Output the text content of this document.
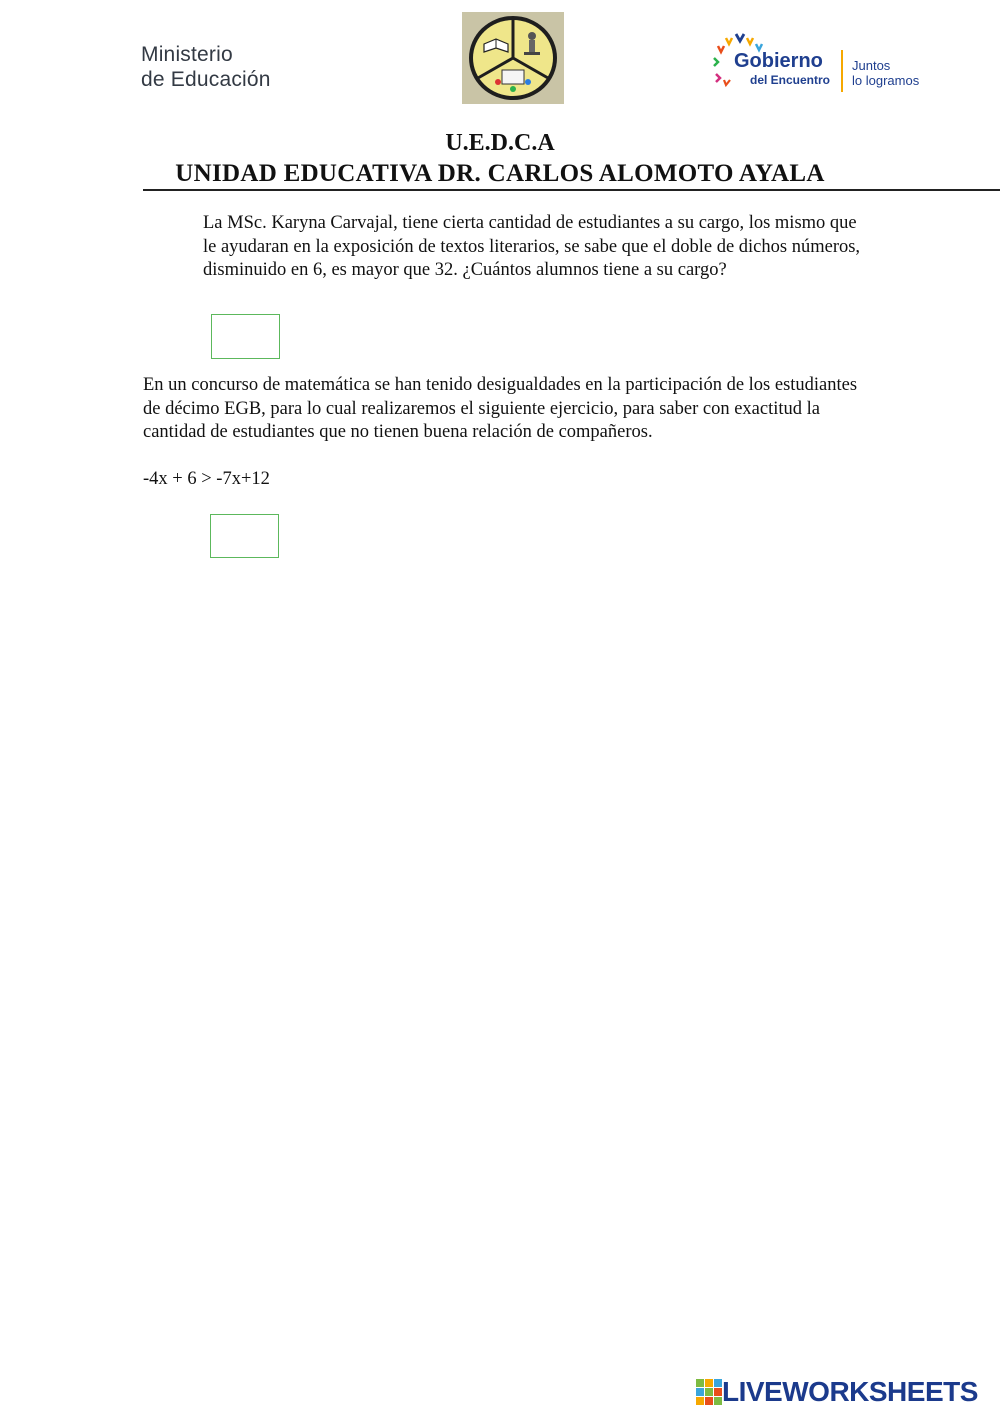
Ministerio
de Educación
Gobierno
del Encuentro
Juntos
lo logramos
U.E.D.C.A
UNIDAD EDUCATIVA DR. CARLOS ALOMOTO AYALA
La MSc. Karyna Carvajal, tiene cierta cantidad de estudiantes a su cargo, los mismo que le ayudaran en la exposición de textos literarios, se sabe que el doble de dichos números, disminuido en 6, es mayor que 32. ¿Cuántos alumnos tiene a su cargo?
En un concurso de matemática se han tenido desigualdades en la participación de los estudiantes de décimo EGB, para lo cual realizaremos el siguiente ejercicio, para saber con exactitud la cantidad de estudiantes que no tienen buena relación de compañeros.
-4x + 6 > -7x+12
LIVEWORKSHEETS
